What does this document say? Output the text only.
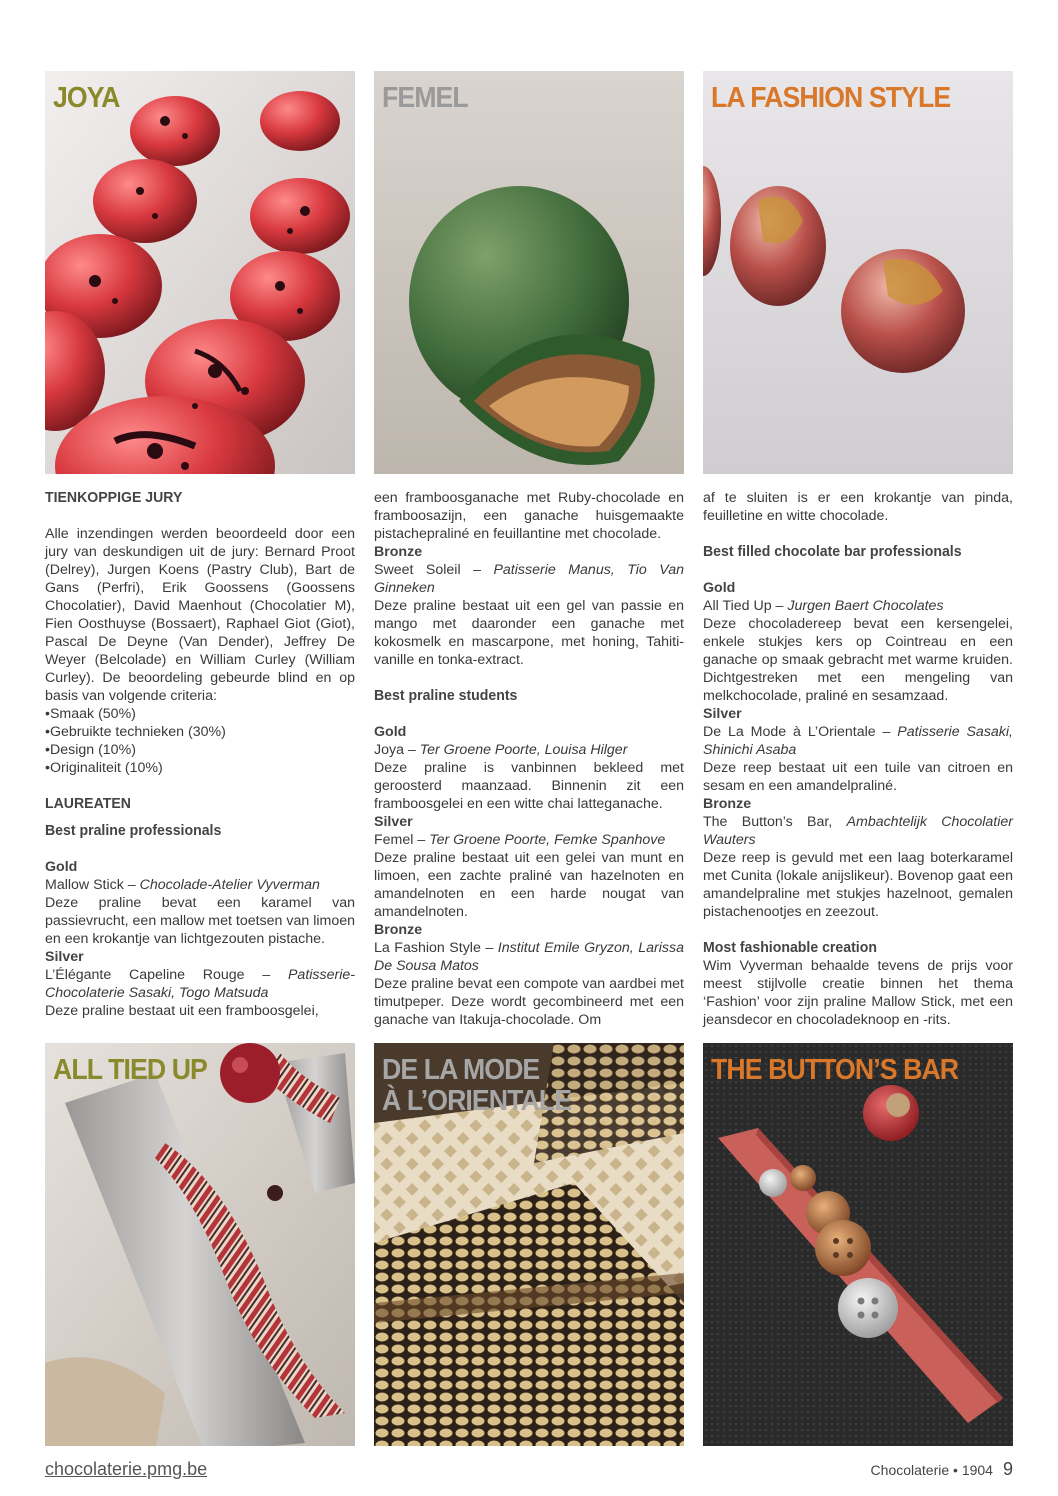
JOYA	FEMEL	LA FASHION STYLE
TIENKOPPIGE JURY

Alle inzendingen werden beoordeeld door een jury van deskundigen uit de jury: Bernard Proot (Delrey), Jurgen Koens (Pastry Club), Bart de Gans (Perfri), Erik Goossens (Goossens Chocolatier), David Maenhout (Chocolatier M), Fien Oosthuyse (Bossaert), Raphael Giot (Giot), Pascal De Deyne (Van Dender), Jeffrey De Weyer (Belcolade) en William Curley (William Curley). De beoordeling gebeurde blind en op basis van volgende criteria:

•Smaak (50%)
•Gebruikte technieken (30%)
•Design (10%)
•Originaliteit (10%)
LAUREATEN
Best praline professionals
Gold
Mallow Stick – Chocolade-Atelier Vyverman

Deze praline bevat een karamel van passievrucht, een mallow met toetsen van limoen en een krokantje van lichtgezouten pistache.

Silver

L’Élégante Capeline Rouge – Patisserie-Chocolaterie Sasaki, Togo Matsuda

Deze praline bestaat uit een framboosgelei,

een framboosganache met Ruby-chocolade en framboosazijn, een ganache huisgemaakte pistachepraliné en feuillantine met chocolade.

Bronze

Sweet Soleil – Patisserie Manus, Tio Van Ginneken

Deze praline bestaat uit een gel van passie en mango met daaronder een ganache met kokosmelk en mascarpone, met honing, Tahiti-vanille en tonka-extract.

Best praline students
Gold
Joya – Ter Groene Poorte, Louisa Hilger

Deze praline is vanbinnen bekleed met geroosterd maanzaad. Binnenin zit een framboosgelei en een witte chai latteganache.

Silver
Femel – Ter Groene Poorte, Femke Spanhove

Deze praline bestaat uit een gelei van munt en limoen, een zachte praliné van hazelnoten en amandelnoten en een harde nougat van amandelnoten.

Bronze

La Fashion Style – Institut Emile Gryzon, Larissa De Sousa Matos

Deze praline bevat een compote van aardbei met timutpeper. Deze wordt gecombineerd met een ganache van Itakuja-chocolade. Om

af te sluiten is er een krokantje van pinda, feuilletine en witte chocolade.

Best filled chocolate bar professionals
Gold
All Tied Up – Jurgen Baert Chocolates

Deze chocoladereep bevat een kersengelei, enkele stukjes kers op Cointreau en een ganache op smaak gebracht met warme kruiden. Dichtgestreken met een mengeling van melkchocolade, praliné en sesamzaad.

Silver

De La Mode à L’Orientale – Patisserie Sasaki, Shinichi Asaba

Deze reep bestaat uit een tuile van citroen en sesam en een amandelpraliné.

Bronze

The Button’s Bar, Ambachtelijk Chocolatier Wauters

Deze reep is gevuld met een laag boterkaramel met Cunita (lokale anijslikeur). Bovenop gaat een amandelpraline met stukjes hazelnoot, gemalen pistachenootjes en zeezout.

Most fashionable creation

Wim Vyverman behaalde tevens de prijs voor meest stijlvolle creatie binnen het thema ‘Fashion’ voor zijn praline Mallow Stick, met een jeansdecor en chocoladeknoop en -rits.

ALL TIED UP	DE LA MODE
À L’ORIENTALE
THE BUTTON’S BAR
chocolaterie.pmg.be	Chocolaterie • 1904 9
